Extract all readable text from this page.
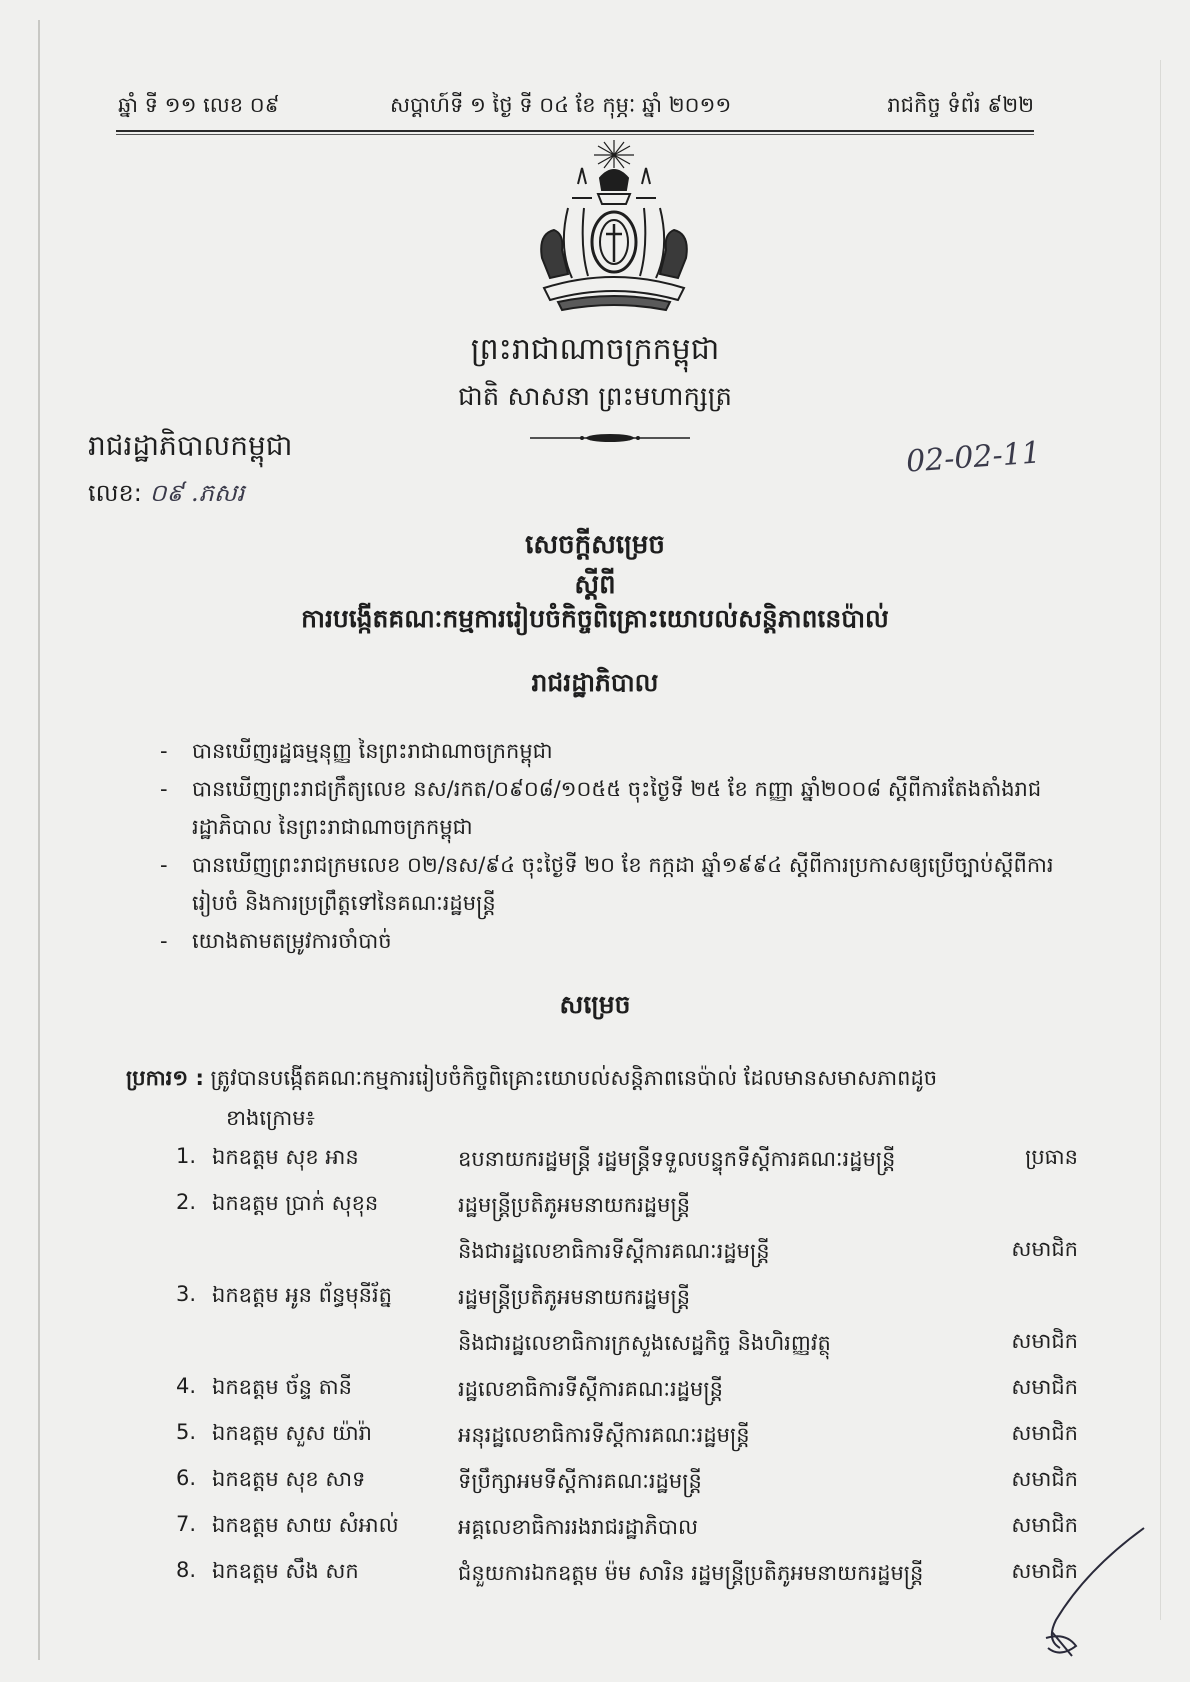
ឆ្នាំ ទី ១១ លេខ ០៩	សប្តាហ៍ទី ១ ថ្ងៃ ទី ០៤ ខែ កុម្ភៈ ឆ្នាំ ២០១១	រាជកិច្ច ទំព័រ ៩២២
ព្រះរាជាណាចក្រកម្ពុជា
ជាតិ សាសនា ព្រះមហាក្សត្រ
រាជរដ្ឋាភិបាលកម្ពុជា
លេខ: ០៩ .ភសរ
02-02-11
សេចក្តីសម្រេច
ស្តីពី
ការបង្កើតគណៈកម្មការរៀបចំកិច្ចពិគ្រោះយោបល់សន្តិភាពនេប៉ាល់
រាជរដ្ឋាភិបាល
- បានឃើញរដ្ឋធម្មនុញ្ញ នៃព្រះរាជាណាចក្រកម្ពុជា
- បានឃើញព្រះរាជក្រឹត្យលេខ នស/រកត/០៩០៨/១០៥៥ ចុះថ្ងៃទី ២៥ ខែ កញ្ញា ឆ្នាំ២០០៨ ស្តីពីការតែងតាំងរាជរដ្ឋាភិបាល នៃព្រះរាជាណាចក្រកម្ពុជា
- បានឃើញព្រះរាជក្រមលេខ ០២/នស/៩៤ ចុះថ្ងៃទី ២០ ខែ កក្កដា ឆ្នាំ១៩៩៤ ស្តីពីការប្រកាសឲ្យប្រើច្បាប់ស្តីពីការរៀបចំ និងការប្រព្រឹត្តទៅនៃគណៈរដ្ឋមន្ត្រី
- យោងតាមតម្រូវការចាំបាច់
សម្រេច
ប្រការ១ : ត្រូវបានបង្កើតគណៈកម្មការរៀបចំកិច្ចពិគ្រោះយោបល់សន្តិភាពនេប៉ាល់ ដែលមានសមាសភាពដូច
ខាងក្រោម៖
1. ឯកឧត្តម សុខ អាន	ឧបនាយករដ្ឋមន្ត្រី រដ្ឋមន្ត្រីទទួលបន្ទុកទីស្តីការគណៈរដ្ឋមន្ត្រី	ប្រធាន
2. ឯកឧត្តម ប្រាក់ សុខុន	រដ្ឋមន្ត្រីប្រតិភូអមនាយករដ្ឋមន្ត្រី
និងជារដ្ឋលេខាធិការទីស្តីការគណៈរដ្ឋមន្ត្រី	សមាជិក
3. ឯកឧត្តម អូន ព័ន្ធមុនីរ័ត្ន	រដ្ឋមន្ត្រីប្រតិភូអមនាយករដ្ឋមន្ត្រី
និងជារដ្ឋលេខាធិការក្រសួងសេដ្ឋកិច្ច និងហិរញ្ញវត្ថុ	សមាជិក
4. ឯកឧត្តម ច័ន្ទ តានី	រដ្ឋលេខាធិការទីស្តីការគណៈរដ្ឋមន្ត្រី	សមាជិក
5. ឯកឧត្តម សួស យ៉ារ៉ា	អនុរដ្ឋលេខាធិការទីស្តីការគណៈរដ្ឋមន្ត្រី	សមាជិក
6. ឯកឧត្តម សុខ សាទ	ទីប្រឹក្សាអមទីស្តីការគណៈរដ្ឋមន្ត្រី	សមាជិក
7. ឯកឧត្តម សាយ សំអាល់	អគ្គលេខាធិការរងរាជរដ្ឋាភិបាល	សមាជិក
8. ឯកឧត្តម សឹង សក	ជំនួយការឯកឧត្តម ម៉ម សារិន រដ្ឋមន្ត្រីប្រតិភូអមនាយករដ្ឋមន្ត្រី	សមាជិក
